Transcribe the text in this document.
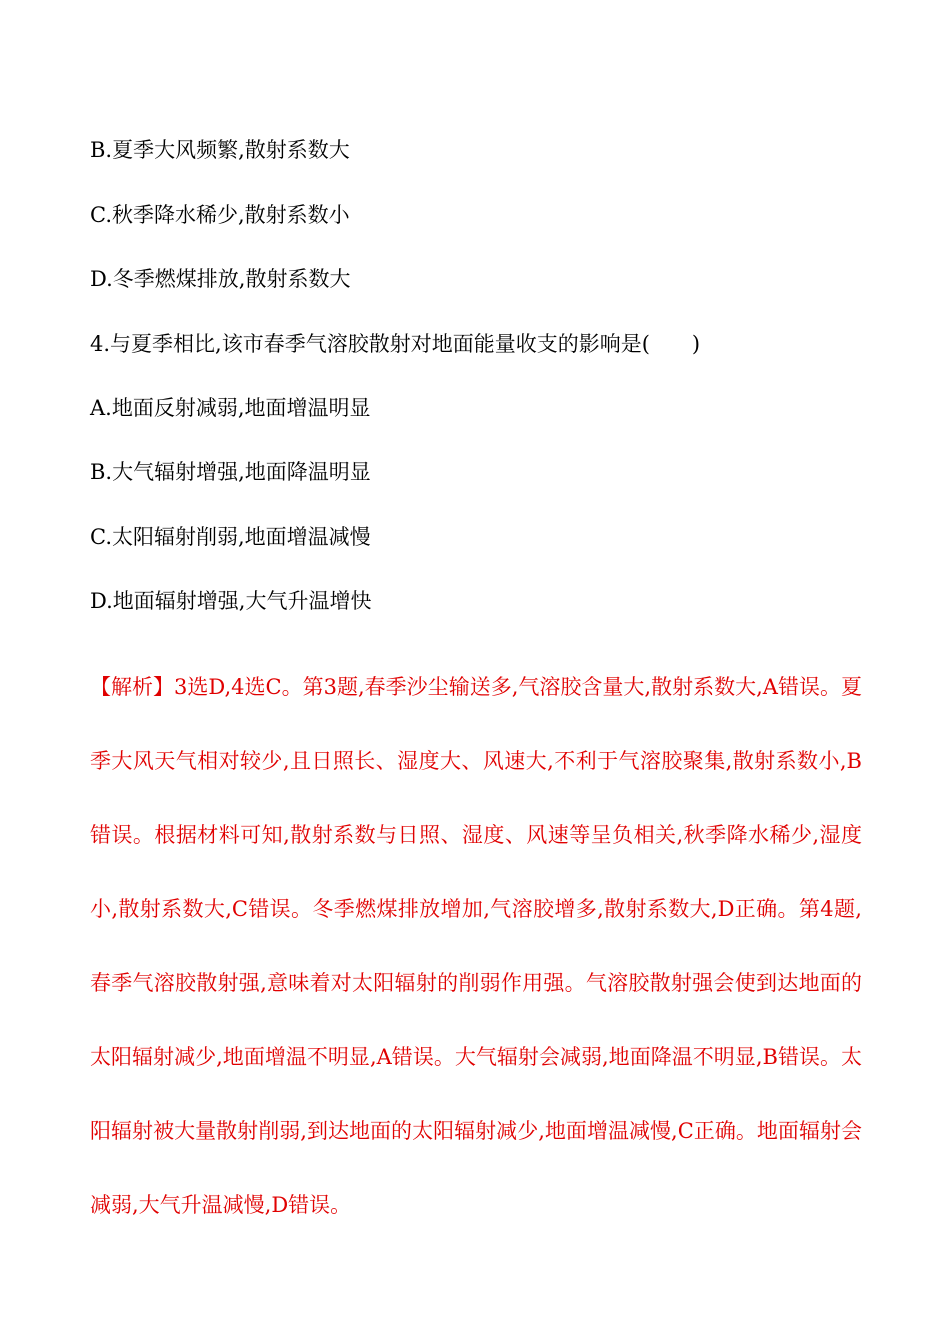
B.夏季大风频繁,散射系数大
C.秋季降水稀少,散射系数小
D.冬季燃煤排放,散射系数大
4.与夏季相比,该市春季气溶胶散射对地面能量收支的影响是(　　)
A.地面反射减弱,地面增温明显
B.大气辐射增强,地面降温明显
C.太阳辐射削弱,地面增温减慢
D.地面辐射增强,大气升温增快
【解析】3选D,4选C。第3题,春季沙尘输送多,气溶胶含量大,散射系数大,A错误。夏季大风天气相对较少,且日照长、湿度大、风速大,不利于气溶胶聚集,散射系数小,B错误。根据材料可知,散射系数与日照、湿度、风速等呈负相关,秋季降水稀少,湿度小,散射系数大,C错误。冬季燃煤排放增加,气溶胶增多,散射系数大,D正确。第4题,春季气溶胶散射强,意味着对太阳辐射的削弱作用强。气溶胶散射强会使到达地面的太阳辐射减少,地面增温不明显,A错误。大气辐射会减弱,地面降温不明显,B错误。太阳辐射被大量散射削弱,到达地面的太阳辐射减少,地面增温减慢,C正确。地面辐射会减弱,大气升温减慢,D错误。
